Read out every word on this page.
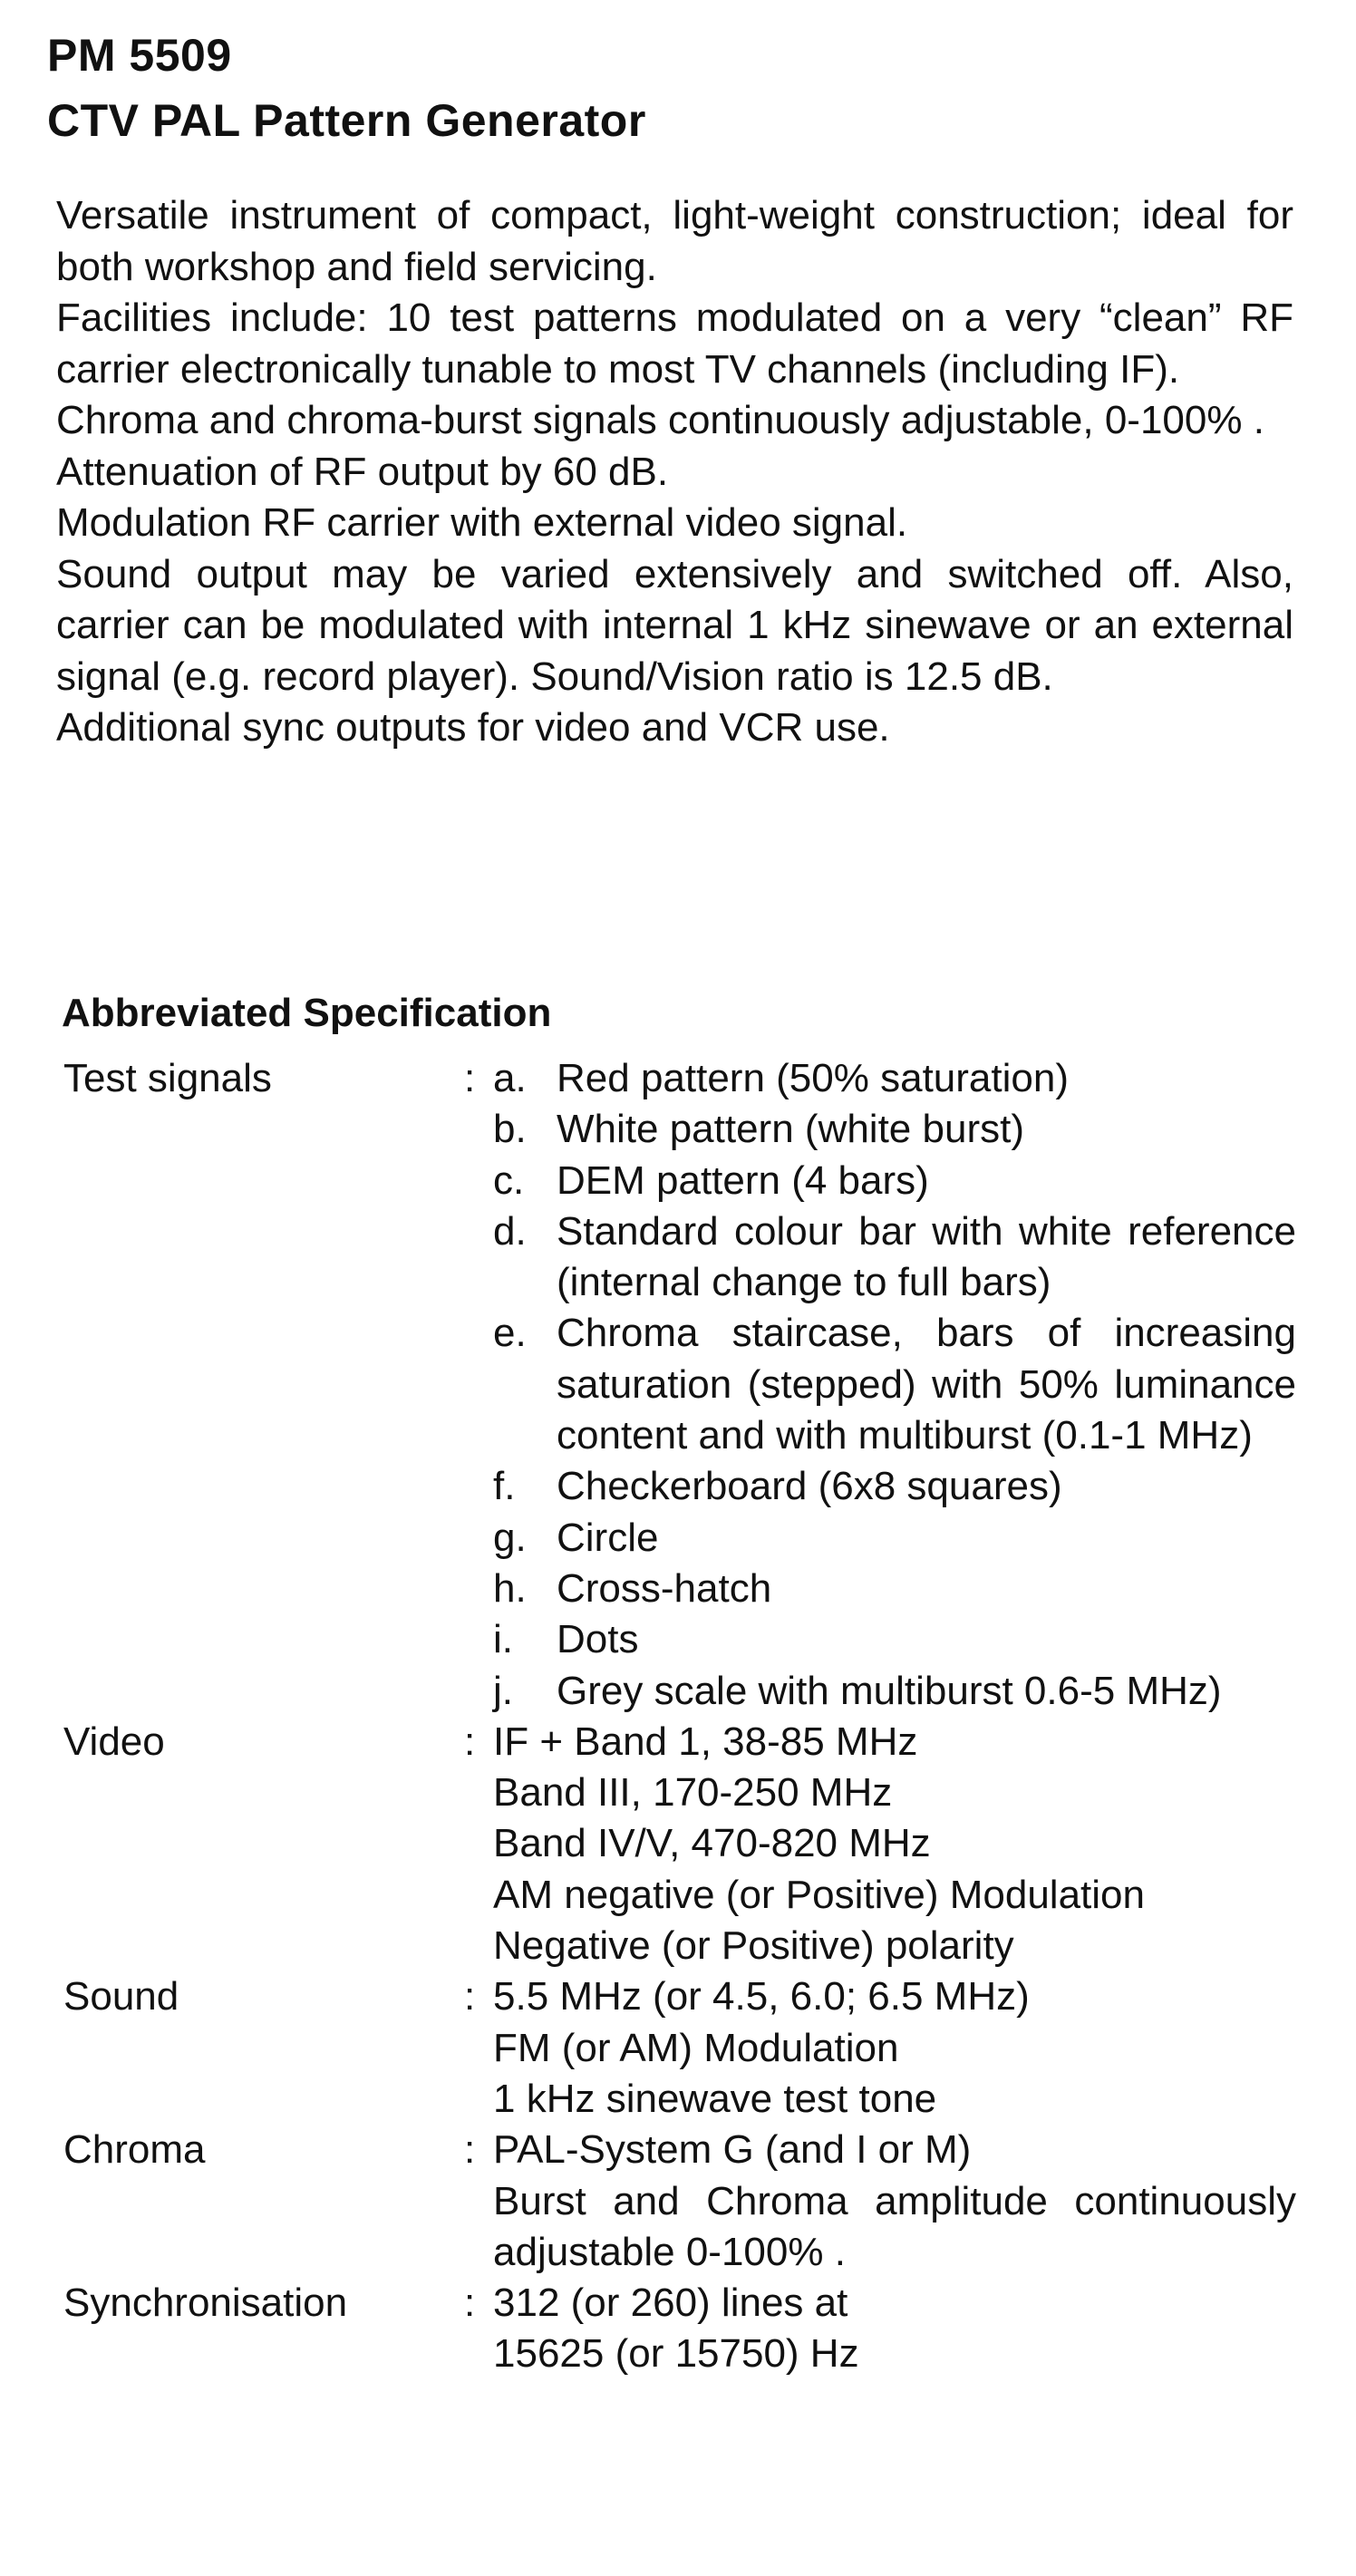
PM 5509
CTV PAL Pattern Generator

Versatile instrument of compact, light-weight construction; ideal for both workshop and field servicing.

Facilities include: 10 test patterns modulated on a very “clean” RF carrier electronically tunable to most TV channels (including IF).

Chroma and chroma-burst signals continuously adjustable, 0-100% .

Attenuation of RF output by 60 dB.

Modulation RF carrier with external video signal.

Sound output may be varied extensively and switched off. Also, carrier can be modulated with internal 1 kHz sinewave or an external signal (e.g. record player). Sound/Vision ratio is 12.5 dB.

Additional sync outputs for video and VCR use.

Abbreviated Specification
Test signals	: a. Red pattern (50% saturation)
b. White pattern (white burst)
c. DEM pattern (4 bars)
d. Standard colour bar with white reference (internal change to full bars)
e. Chroma staircase, bars of increasing saturation (stepped) with 50% luminance content and with multiburst (0.1-1 MHz)
f.	Checkerboard (6x8 squares)
g. Circle
h. Cross-hatch
i.	Dots
j.	Grey scale with multiburst 0.6-5 MHz)
Video	: IF + Band 1, 38-85 MHz
Band III, 170-250 MHz
Band IV/V, 470-820 MHz
AM negative (or Positive) Modulation
Negative (or Positive) polarity
Sound	: 5.5 MHz (or 4.5, 6.0; 6.5 MHz)
FM (or AM) Modulation
1 kHz sinewave test tone
Chroma	: PAL-System G (and I or M)
Burst and Chroma amplitude continuously adjustable 0-100% .
Synchronisation	: 312 (or 260) lines at
15625 (or 15750) Hz
